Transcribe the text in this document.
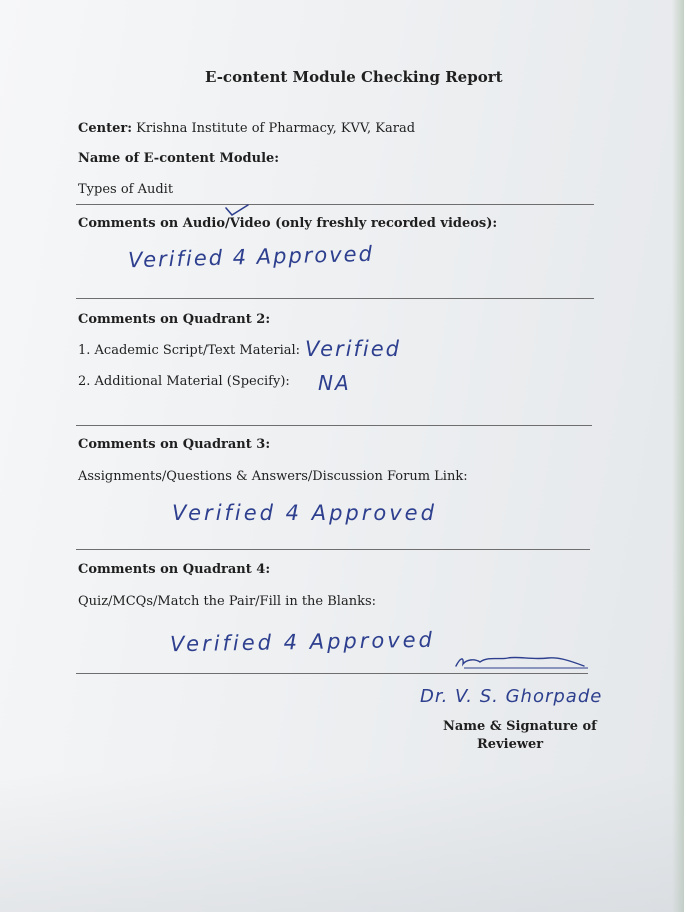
E-content Module Checking Report
Center: Krishna Institute of Pharmacy, KVV, Karad
Name of E-content Module:
Types of Audit
Comments on Audio/Video (only freshly recorded videos):
Verified 4 Approved
Comments on Quadrant 2:
1. Academic Script/Text Material: Verified
2. Additional Material (Specify): NA
Comments on Quadrant 3:
Assignments/Questions & Answers/Discussion Forum Link:
Verified 4 Approved
Comments on Quadrant 4:
Quiz/MCQs/Match the Pair/Fill in the Blanks:
Verified 4 Approved
Dr. V. S. Ghorpade
Name & Signature of
Reviewer
